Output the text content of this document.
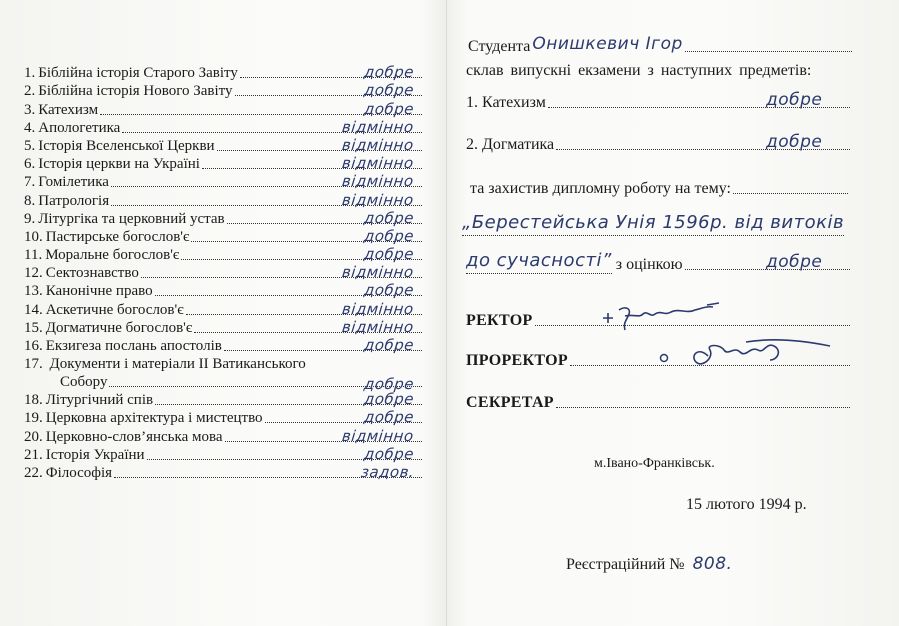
1. Біблійна історія Старого Завіту	добре
2. Біблійна історія Нового Завіту	добре
3. Катехизм	добре
4. Апологетика	відмінно
5. Історія Вселенської Церкви	відмінно
6. Історія церкви на Україні	відмінно
7. Гомілетика	відмінно
8. Патрологія	відмінно
9. Літургіка та церковний устав	добре
10. Пастирське богослов'є	добре
11. Моральне богослов'є	добре
12. Сектознавство	відмінно
13. Канонічне право	добре
14. Аскетичне богослов'є	відмінно
15. Догматичне богослов'є	відмінно
16. Екзигеза послань апостолів	добре
17. Документи і матеріали ІІ Ватиканського
Собору	добре
18. Літургічний спів	добре
19. Церковна архітектура і мистецтво	добре
20. Церковно-слов’янська мова	відмінно
21. Історія України	добре
22. Філософія	задов.
Студента Онишкевич Ігор
склав випускні екзамени з наступних предметів:
1. Катехизм	добре
2. Догматика	добре
та захистив дипломну роботу на тему:
„Берестейська Унія 1596р. від витоків
до сучасності” з оцінкою	добре
РЕКТОР
ПРОРЕКТОР
СЕКРЕТАР
м.Івано-Франківськ.
15 лютого 1994 р.
Реєстраційний № 808.
